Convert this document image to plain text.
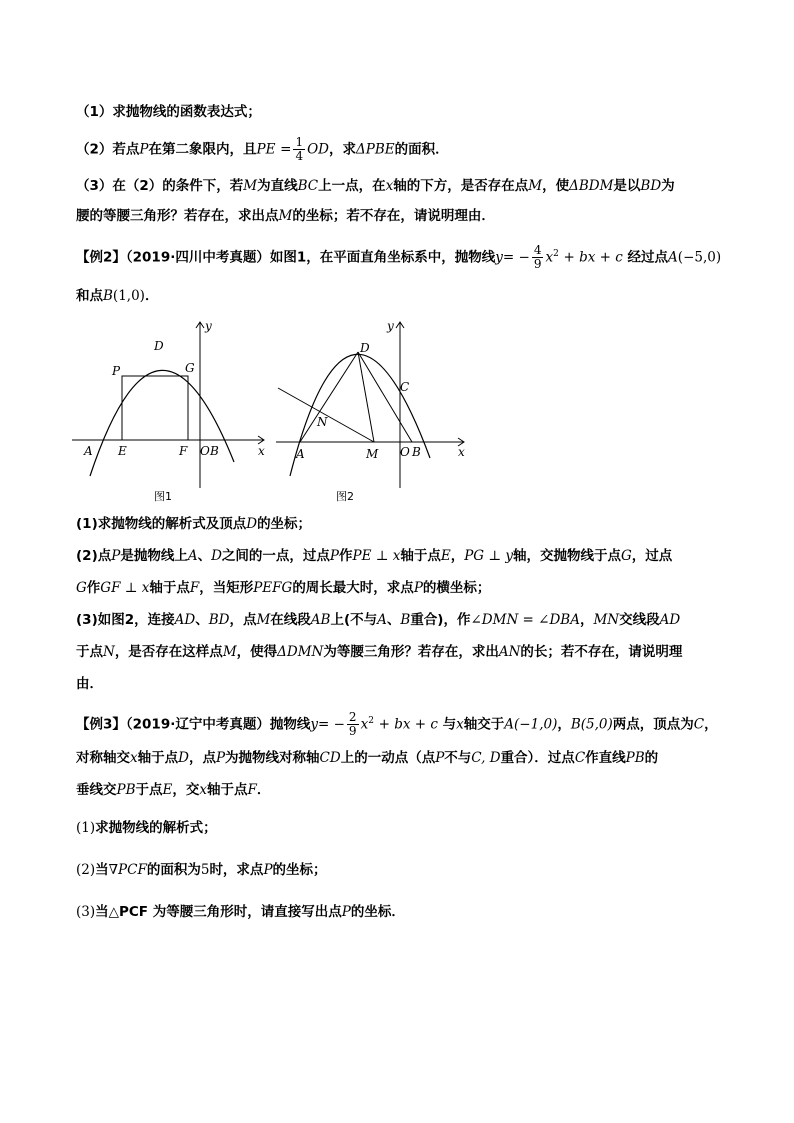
（1）求抛物线的函数表达式；
（2）若点P在第二象限内，且PE = $\frac{1}{4}$ OD，求ΔPBE的面积．
（3）在（2）的条件下，若M为直线BC上一点，在x轴的下方，是否存在点M，使ΔBDM是以BD为
腰的等腰三角形？若存在，求出点M的坐标；若不存在，请说明理由．
【例2】（2019·四川中考真题）如图1，在平面直角坐标系中，抛物线$y= - \frac{4}{9} x^2$ + bx + c 经过点A(−5,0)
和点B(1,0)．
y
x
D
P	G
A E	F O B
图1
y
x
D
C
N
A	M O B
图2
(1)求抛物线的解析式及顶点D的坐标；
(2)点P是抛物线上A、D之间的一点，过点P作PE ⊥ x轴于点E，PG ⊥ y轴，交抛物线于点G，过点
G作GF ⊥ x轴于点F，当矩形PEFG的周长最大时，求点P的横坐标；
(3)如图2，连接AD、BD，点M在线段AB上(不与A、B重合)，作∠DMN = ∠DBA，MN交线段AD
于点N，是否存在这样点M，使得ΔDMN为等腰三角形？若存在，求出AN的长；若不存在，请说明理
由．
【例3】（2019·辽宁中考真题）抛物线$y= - \frac{2}{9} x^2$ + bx + c 与x轴交于A(−1,0)，B(5,0)两点，顶点为C，
对称轴交x轴于点D，点P为抛物线对称轴CD上的一动点（点P不与C, D重合）．过点C作直线PB的
垂线交PB于点E，交x轴于点F．
(1)求抛物线的解析式；
(2)当∇PCF的面积为5时，求点P的坐标；
(3)当△PCF 为等腰三角形时，请直接写出点P的坐标．
